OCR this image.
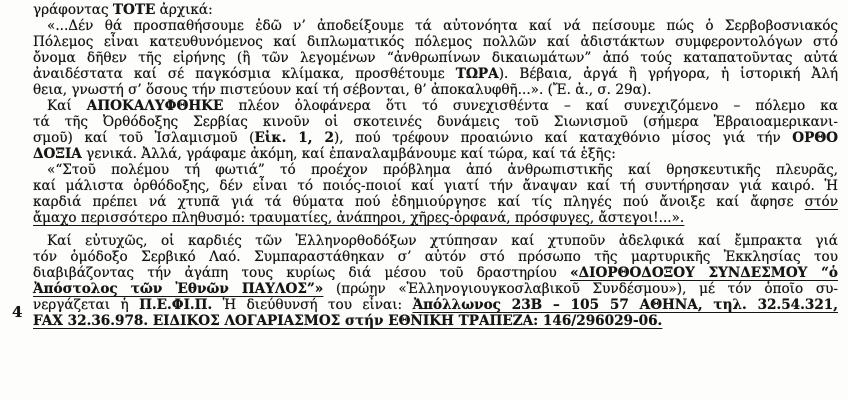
4
γράφοντας ΤΟΤΕ ἀρχικά:
«...Δέν θά προσπαθήσουμε ἐδῶ ν’ ἀποδείξουμε τά αὐτονόητα καί νά πείσουμε πώς ὁ Σερβοβοσνιακός
Πόλεμος εἶναι κατευθυνόμενος καί διπλωματικός πόλεμος πολλῶν καί ἀδιστάκτων συμφεροντολόγων στό
ὄνομα δῆθεν τῆς εἰρήνης (ἢ τῶν λεγομένων “ἀνθρωπίνων δικαιωμάτων” ἀπό τούς καταπατοῦντας αὐτά
ἀναιδέστατα καί σέ παγκόσμια κλίμακα, προσθέτουμε ΤΩΡΑ). Βέβαια, ἀργά ἢ γρήγορα, ἡ ἱστορική Ἀλή
θεια, γνωστή σ’ ὅσους τήν πιστεύουν καί τή σέβονται, θ’ ἀποκαλυφθῆ...». (Ἔ. ἀ., σ. 29α).
Καί ΑΠΟΚΑΛΥΦΘΗΚΕ πλέον ὁλοφάνερα ὅτι τό συνεχισθέντα – καί συνεχιζόμενο – πόλεμο κα
τά τῆς Ὀρθόδοξης Σερβίας κινοῦν οἱ σκοτεινές δυνάμεις τοῦ Σιωνισμοῦ (σήμερα Ἑβραιοαμερικανι-
σμοῦ) καί τοῦ Ἰσλαμισμοῦ (Εἰκ. 1, 2), πού τρέφουν προαιώνιο καί καταχθόνιο μίσος γιά τήν ΟΡΘΟ
ΔΟΞΙΑ γενικά. Ἀλλά, γράφαμε ἀκόμη, καί ἐπαναλαμβάνουμε καί τώρα, καί τά ἑξῆς:
«“Στοῦ πολέμου τή φωτιά” τό προέχον πρόβλημα ἀπό ἀνθρωπιστικῆς καί θρησκευτικῆς πλευρᾶς,
καί μάλιστα ὀρθόδοξης, δέν εἶναι τό ποιός-ποιοί καί γιατί τήν ἄναψαν καί τή συντήρησαν γιά καιρό. Ἡ
καρδιά πρέπει νά χτυπᾶ γιά τά θύματα πού ἐδημιούργησε καί τίς πληγές πού ἄνοιξε καί ἄφησε στόν
ἄμαχο περισσότερο πληθυσμό: τραυματίες, ἀνάπηροι, χῆρες-ὀρφανά, πρόσφυγες, ἄστεγοι!...».
Καί εὐτυχῶς, οἱ καρδιές τῶν Ἑλληνορθοδόξων χτύπησαν καί χτυποῦν ἀδελφικά καί ἔμπρακτα γιά
τόν ὁμόδοξο Σερβικό Λαό. Συμπαραστάθηκαν σ’ αὐτόν στό πρόσωπο τῆς μαρτυρικῆς Ἐκκλησίας του
διαβιβάζοντας τήν ἀγάπη τους κυρίως διά μέσου τοῦ δραστηρίου «ΔΙΟΡΘΟΔΟΞΟΥ ΣΥΝΔΕΣΜΟΥ “ὁ
Ἀπόστολος τῶν Ἐθνῶν ΠΑΥΛΟΣ”» (πρώην «Ἑλληνογιουγκοσλαβικοῦ Συνδέσμου»), μέ τόν ὁποῖο συ-
νεργάζεται ἡ Π.Ε.ΦΙ.Π. Ἡ διεύθυνσή του εἶναι: Ἀπόλλωνος 23Β – 105 57 ΑΘΗΝΑ, τηλ. 32.54.321,
FAX 32.36.978. ΕΙΔΙΚΟΣ ΛΟΓΑΡΙΑΣΜΟΣ στήν ΕΘΝΙΚΗ ΤΡΑΠΕΖΑ: 146/296029-06.
